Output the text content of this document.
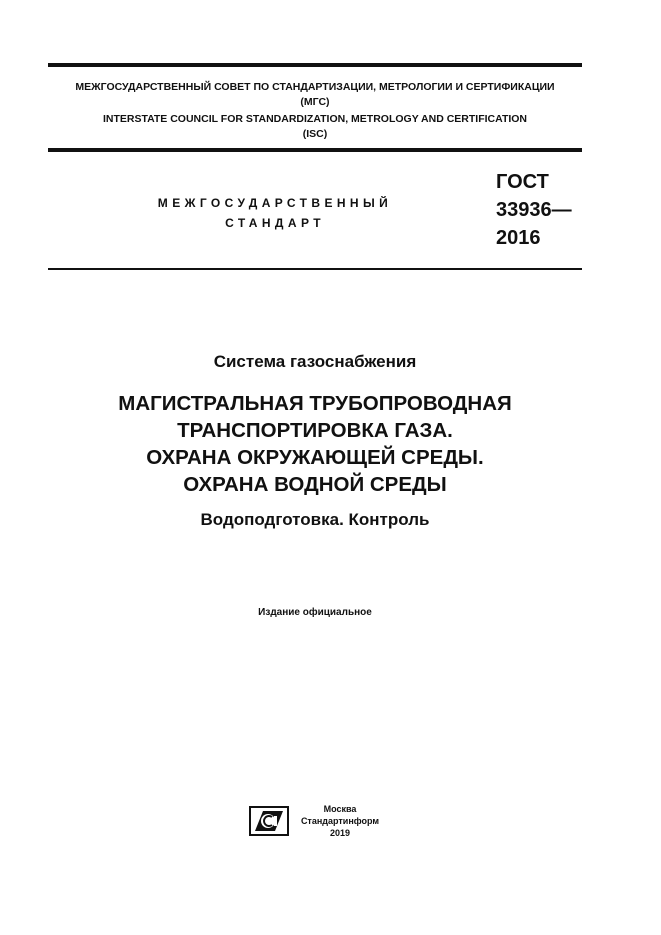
МЕЖГОСУДАРСТВЕННЫЙ СОВЕТ ПО СТАНДАРТИЗАЦИИ, МЕТРОЛОГИИ И СЕРТИФИКАЦИИ
(МГС)
INTERSTATE COUNCIL FOR STANDARDIZATION, METROLOGY AND CERTIFICATION
(ISC)
МЕЖГОСУДАРСТВЕННЫЙ
СТАНДАРТ
ГОСТ
33936—
2016
Система газоснабжения
МАГИСТРАЛЬНАЯ ТРУБОПРОВОДНАЯ
ТРАНСПОРТИРОВКА ГАЗА.
ОХРАНА ОКРУЖАЮЩЕЙ СРЕДЫ.
ОХРАНА ВОДНОЙ СРЕДЫ
Водоподготовка. Контроль
Издание официальное
Москва
Стандартинформ
2019
